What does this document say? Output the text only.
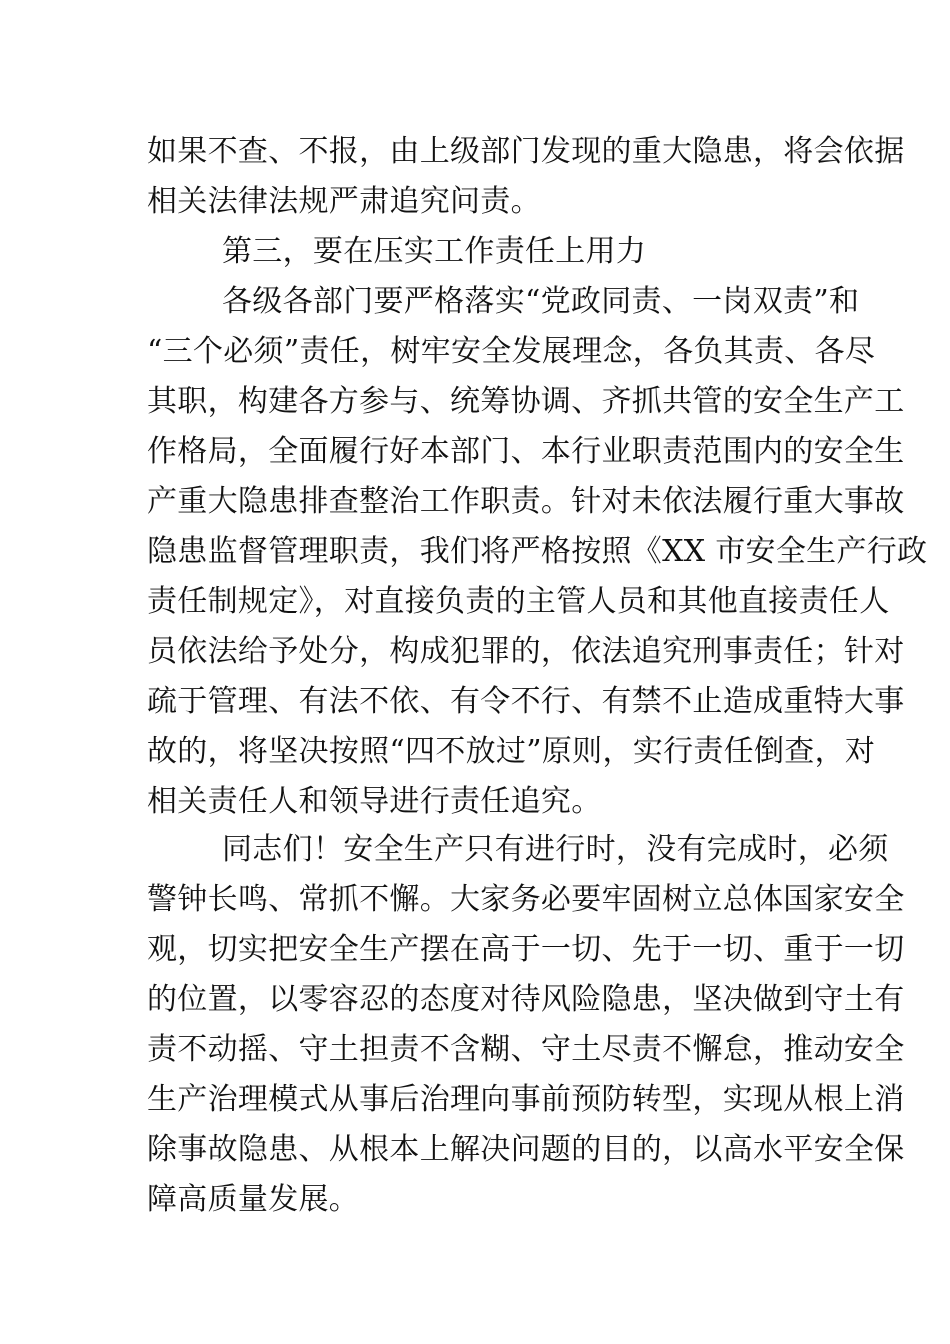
如果不查、不报，由上级部门发现的重大隐患，将会依据
相关法律法规严肃追究问责。
第三，要在压实工作责任上用力
各级各部门要严格落实“党政同责、一岗双责”和
“三个必须”责任，树牢安全发展理念，各负其责、各尽
其职，构建各方参与、统筹协调、齐抓共管的安全生产工
作格局，全面履行好本部门、本行业职责范围内的安全生
产重大隐患排查整治工作职责。针对未依法履行重大事故
隐患监督管理职责，我们将严格按照《XX 市安全生产行政
责任制规定》，对直接负责的主管人员和其他直接责任人
员依法给予处分，构成犯罪的，依法追究刑事责任；针对
疏于管理、有法不依、有令不行、有禁不止造成重特大事
故的，将坚决按照“四不放过”原则，实行责任倒查，对
相关责任人和领导进行责任追究。
同志们！安全生产只有进行时，没有完成时，必须
警钟长鸣、常抓不懈。大家务必要牢固树立总体国家安全
观，切实把安全生产摆在高于一切、先于一切、重于一切
的位置，以零容忍的态度对待风险隐患，坚决做到守土有
责不动摇、守土担责不含糊、守土尽责不懈怠，推动安全
生产治理模式从事后治理向事前预防转型，实现从根上消
除事故隐患、从根本上解决问题的目的，以高水平安全保
障高质量发展。
